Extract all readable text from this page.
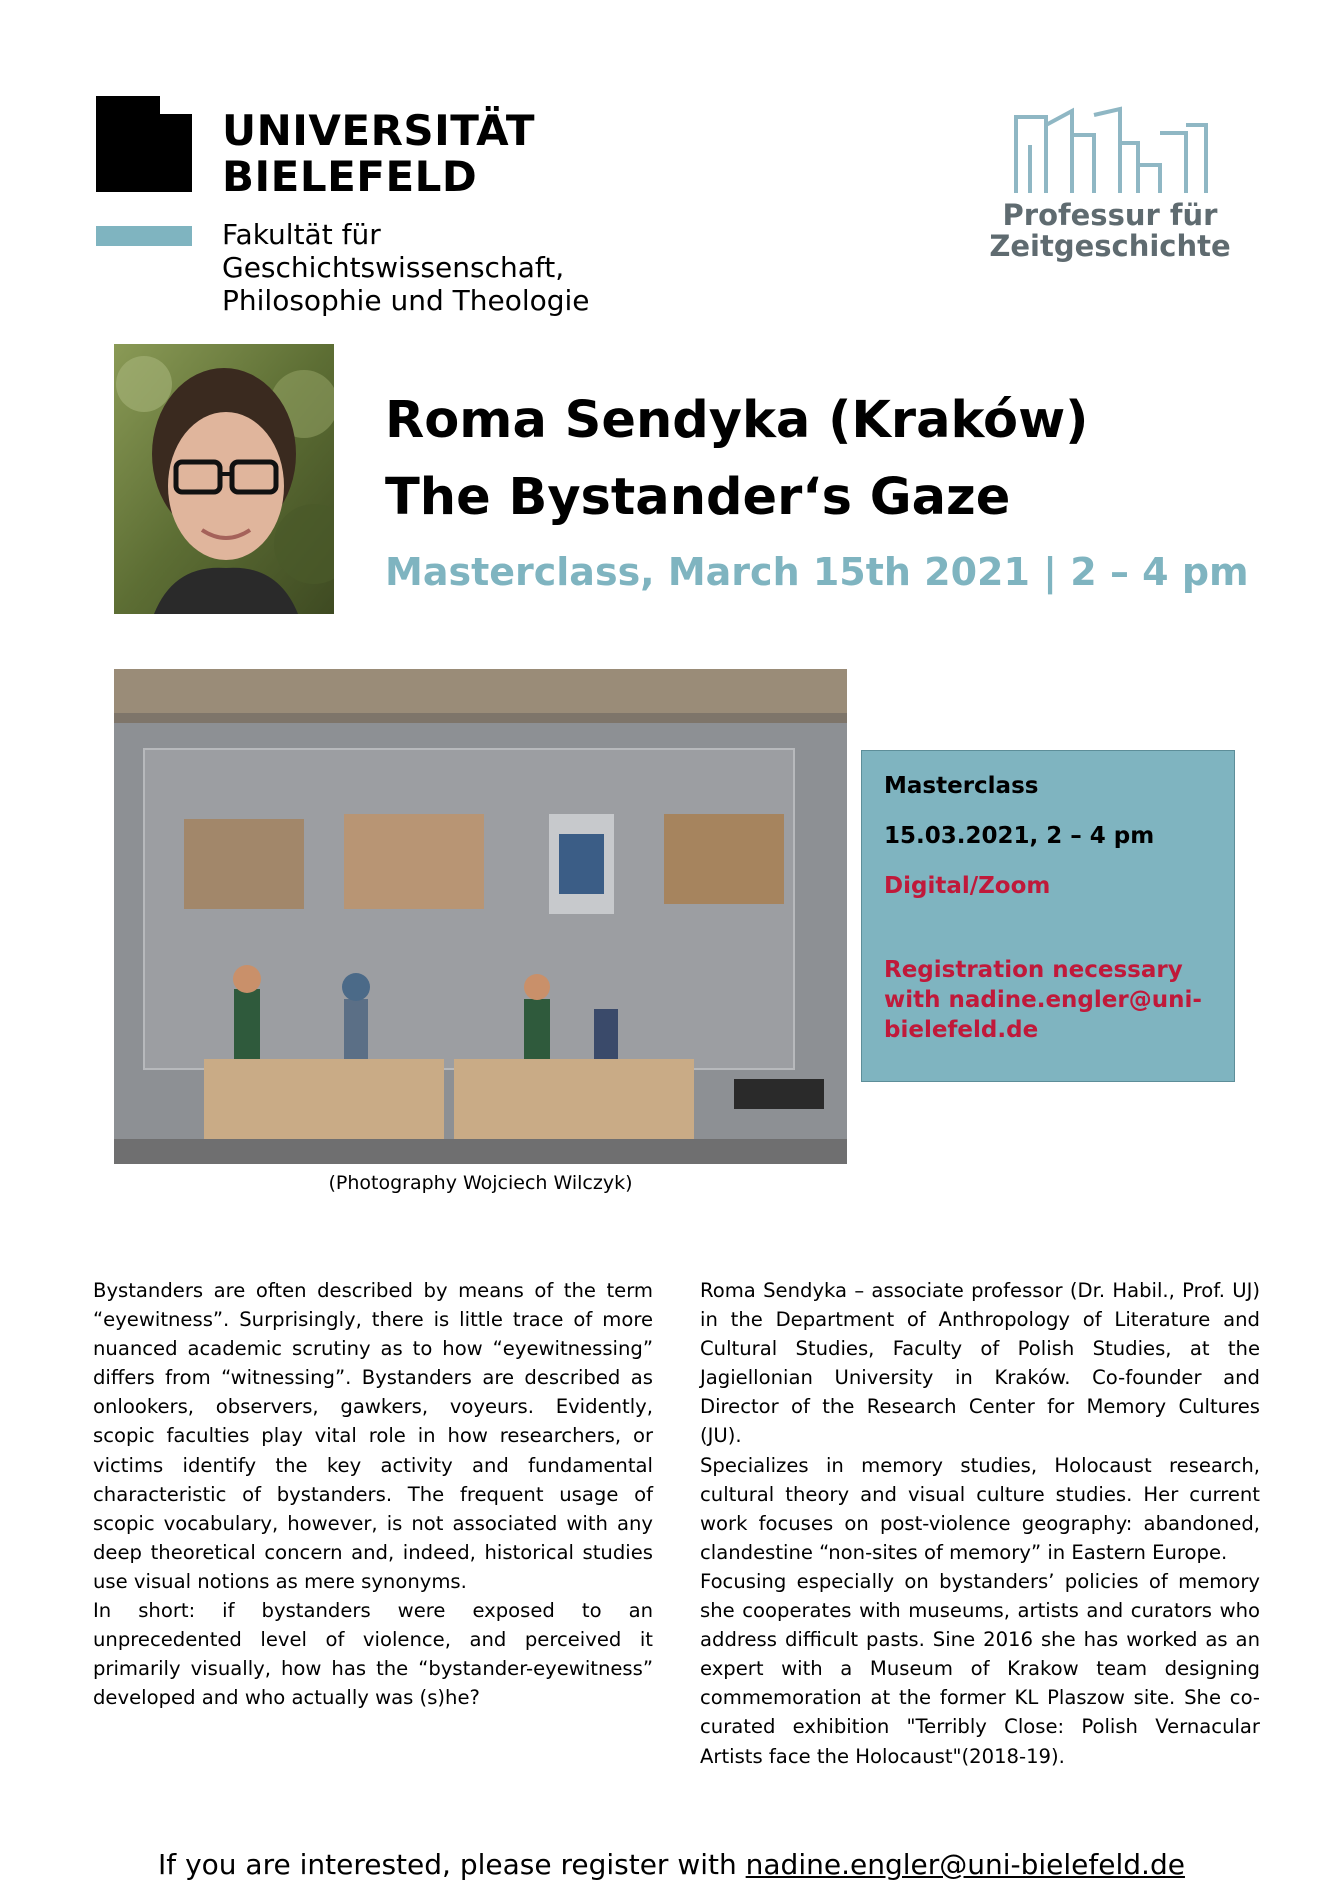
UNIVERSITÄT
BIELEFELD
Fakultät für
Geschichtswissenschaft,
Philosophie und Theologie
Professur für
Zeitgeschichte
Roma Sendyka (Kraków)
The Bystander‘s Gaze
Masterclass, March 15th 2021 | 2 – 4 pm
(Photography Wojciech Wilczyk)
Masterclass
15.03.2021, 2 – 4 pm
Digital/Zoom
Registration necessary
with nadine.engler@uni-
bielefeld.de

Bystanders are often described by means of the term “eyewitness”. Surprisingly, there is little trace of more nuanced academic scrutiny as to how “eyewitnessing” differs from “witnessing”. Bystanders are described as onlookers, observers, gawkers, voyeurs. Evidently, scopic faculties play vital role in how researchers, or victims identify the key activity and fundamental characteristic of bystanders. The frequent usage of scopic vocabulary, however, is not associated with any deep theoretical concern and, indeed, historical studies use visual notions as mere synonyms.

In short: if bystanders were exposed to an unprecedented level of violence, and perceived it primarily visually, how has the “bystander-eyewitness” developed and who actually was (s)he?

Roma Sendyka – associate professor (Dr. Habil., Prof. UJ) in the Department of Anthropology of Literature and Cultural Studies, Faculty of Polish Studies, at the Jagiellonian University in Kraków. Co-founder and Director of the Research Center for Memory Cultures (JU).

Specializes in memory studies, Holocaust research, cultural theory and visual culture studies. Her current work focuses on post-violence geography: abandoned, clandestine “non-sites of memory” in Eastern Europe.

Focusing especially on bystanders’ policies of memory she cooperates with museums, artists and curators who address difficult pasts. Sine 2016 she has worked as an expert with a Museum of Krakow team designing commemoration at the former KL Plaszow site. She co-curated exhibition "Terribly Close: Polish Vernacular Artists face the Holocaust"(2018-19).

If you are interested, please register with nadine.engler@uni-bielefeld.de
